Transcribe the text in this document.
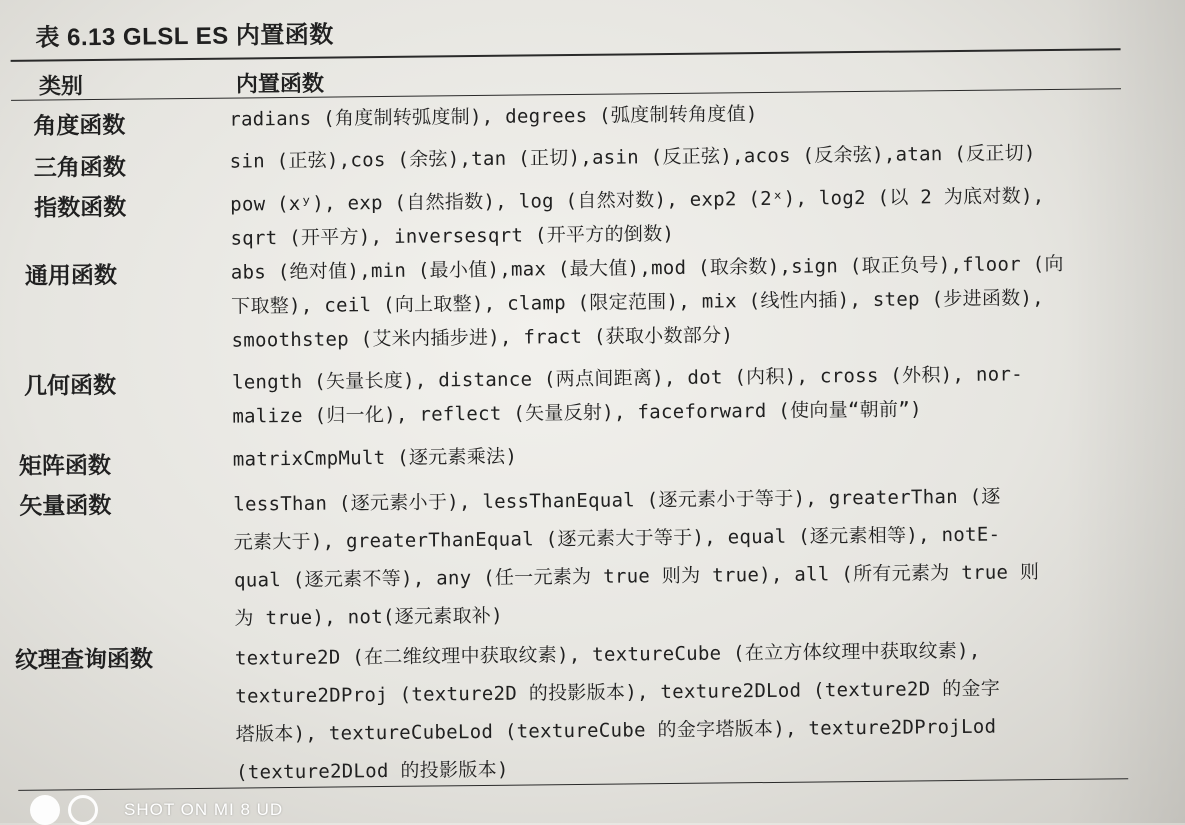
表 6.13 GLSL ES 内置函数
类别	内置函数
角度函数	radians (角度制转弧度制), degrees (弧度制转角度值)
三角函数	sin (正弦),cos (余弦),tan (正切),asin (反正弦),acos (反余弦),atan (反正切)
指数函数	pow (xʸ), exp (自然指数), log (自然对数), exp2 (2ˣ), log2 (以 2 为底对数),
sqrt (开平方), inversesqrt (开平方的倒数)
通用函数	abs (绝对值),min (最小值),max (最大值),mod (取余数),sign (取正负号),floor (向
下取整), ceil (向上取整), clamp (限定范围), mix (线性内插), step (步进函数),
smoothstep (艾米内插步进), fract (获取小数部分)
几何函数	length (矢量长度), distance (两点间距离), dot (内积), cross (外积), nor-
malize (归一化), reflect (矢量反射), faceforward (使向量“朝前”)
矩阵函数	matrixCmpMult (逐元素乘法)
矢量函数	lessThan (逐元素小于), lessThanEqual (逐元素小于等于), greaterThan (逐
元素大于), greaterThanEqual (逐元素大于等于), equal (逐元素相等), notE-
qual (逐元素不等), any (任一元素为 true 则为 true), all (所有元素为 true 则
为 true), not(逐元素取补)
纹理查询函数	texture2D (在二维纹理中获取纹素), textureCube (在立方体纹理中获取纹素),
texture2DProj (texture2D 的投影版本), texture2DLod (texture2D 的金字
塔版本), textureCubeLod (textureCube 的金字塔版本), texture2DProjLod
(texture2DLod 的投影版本)
SHOT ON MI 8 UD
